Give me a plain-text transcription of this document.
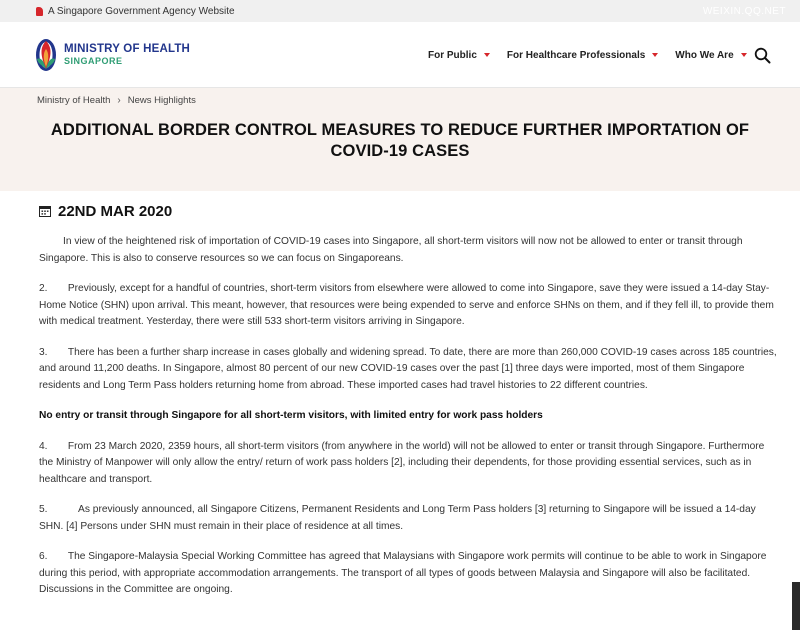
A Singapore Government Agency Website	WEIXIN.QQ.NET
MINISTRY OF HEALTH
SINGAPORE	For Public	For Healthcare Professionals	Who We Are
Ministry of Health › News Highlights
ADDITIONAL BORDER CONTROL MEASURES TO REDUCE FURTHER IMPORTATION OF COVID-19 CASES
22ND MAR 2020

In view of the heightened risk of importation of COVID-19 cases into Singapore, all short-term visitors will now not be allowed to enter or transit through Singapore. This is also to conserve resources so we can focus on Singaporeans.

2.  Previously, except for a handful of countries, short-term visitors from elsewhere were allowed to come into Singapore, save they were issued a 14-day Stay-Home Notice (SHN) upon arrival. This meant, however, that resources were being expended to serve and enforce SHNs on them, and if they fell ill, to provide them with medical treatment. Yesterday, there were still 533 short-term visitors arriving in Singapore.

3.  There has been a further sharp increase in cases globally and widening spread. To date, there are more than 260,000 COVID-19 cases across 185 countries, and around 11,200 deaths. In Singapore, almost 80 percent of our new COVID-19 cases over the past [1] three days were imported, most of them Singapore residents and Long Term Pass holders returning home from abroad. These imported cases had travel histories to 22 different countries.

No entry or transit through Singapore for all short-term visitors, with limited entry for work pass holders

4.  From 23 March 2020, 2359 hours, all short-term visitors (from anywhere in the world) will not be allowed to enter or transit through Singapore. Furthermore the Ministry of Manpower will only allow the entry/ return of work pass holders [2], including their dependents, for those providing essential services, such as in healthcare and transport.

5.   As previously announced, all Singapore Citizens, Permanent Residents and Long Term Pass holders [3] returning to Singapore will be issued a 14-day SHN. [4] Persons under SHN must remain in their place of residence at all times.

6.  The Singapore-Malaysia Special Working Committee has agreed that Malaysians with Singapore work permits will continue to be able to work in Singapore during this period, with appropriate accommodation arrangements. The transport of all types of goods between Malaysia and Singapore will also be facilitated. Discussions in the Committee are ongoing.
